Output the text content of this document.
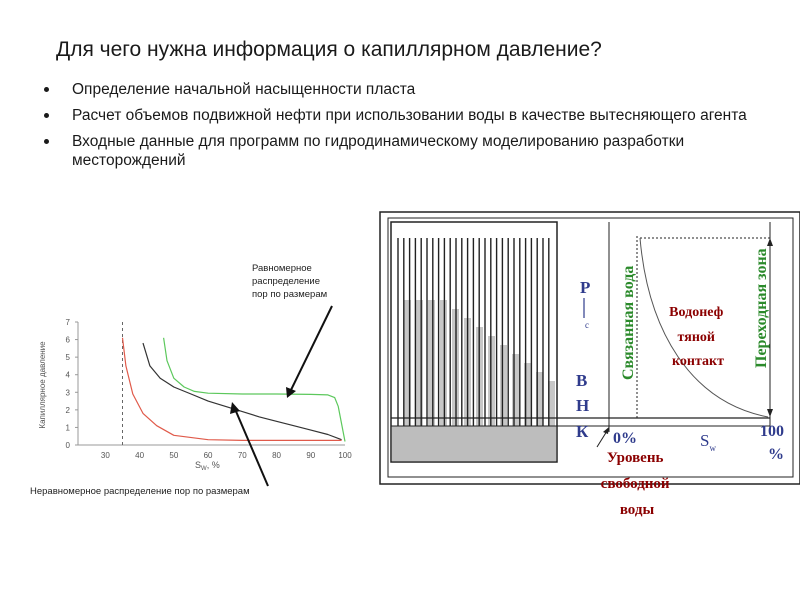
Для чего нужна информация о капиллярном давление?
Определение начальной насыщенности пласта
Расчет объемов подвижной нефти при использовании воды в качестве вытесняющего агента
Входные данные для программ по гидродинамическому моделированию разработки месторождений
0
1
2
3
4
5
6
7
30	40	50	60	70	80	90	100
Капиллярное давление
$S_W$, %
Равномерное распределение пор по размерам
Неравномерное распределение пор по размерам
P
c
В
Н
К 0%	$S_w$
100
%
Водонеф тяной контакт
Связанная вода	Переходная зона
Уровень свободной воды
